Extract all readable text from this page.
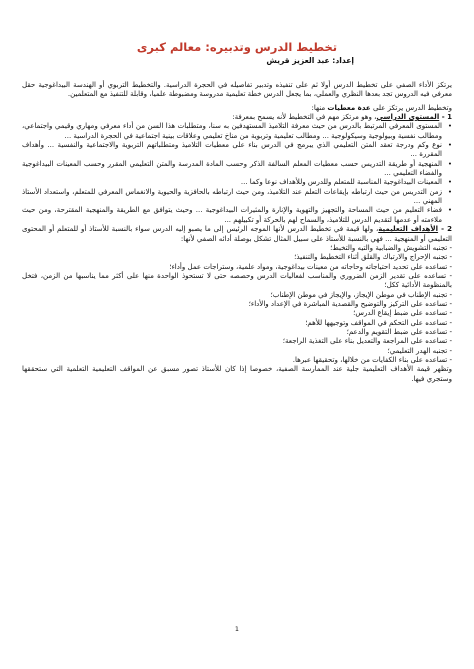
تخطيط الدرس وتدبيره: معالم كبرى
إعداد: عبد العزيز قريش

يرتكز الأداء الصفي على تخطيط الدرس أولا ثم على تنفيذه وتدبير تفاصيله في الحجرة الدراسية. والتخطيط التربوي أو الهندسة البيداغوجية حقل معرفي فيه الدروس تجد بعدها النظري والعملي، بما يجعل الدرس خطة تعليمية مدروسة ومضبوطة علميا، وقابلة للتنفيذ مع المتعلمين.

وتخطيط الدرس يرتكز على عدة معطيات منها:

1 - المستوى الدراسي، وهو مرتكز مهم في التخطيط لأنه يسمح بمعرفة:

• المستوى المعرفي المرتبط بالدرس من حيث معرفة التلاميذ المستهدفين به سنا، ومتطلبات هذا السن من أداء معرفي ومهاري وقيمي واجتماعي، ومطالب نفسية وبيولوجية وسيكولوجية ... ومطالب تعليمية وتربوية من مناخ تعليمي وعلاقات بينية اجتماعية في الحجرة الدراسية ...
• نوع وكم ودرجة تعقد المتن التعليمي الذي يبرمج في الدرس بناء على معطيات التلاميذ ومتطلباتهم التربوية والاجتماعية والنفسية ... وأهداف المقررة ...
• المنهجية أو طريقة التدريس حسب معطيات المعلم السالفة الذكر وحسب المادة المدرسة والمتن التعليمي المقرر وحسب المعينات البيداغوجية والفضاء التعليمي ...
• المعينات البيداغوجية المناسبة للمتعلم وللدرس وللأهداف نوعا وكما ...
• زمن التدريس من حيث ارتباطه بإيقاعات التعلم عند التلاميذ، ومن حيث ارتباطه بالحافزية والحيوية والانغماس المعرفي للمتعلم، واستعداد الأستاذ المهني ...
• فضاء التعليم من حيث المساحة والتجهيز والتهوية والإنارة والمثيرات البيداغوجية ... وحيث يتوافق مع الطريقة والمنهجية المقترحة، ومن حيث ملاءمته أو عدمها لتقديم الدرس للتلاميذ، والسماح لهم بالحركة أو تكبيلهم ...

2 - الأهداف التعليمية، ولها قيمة في تخطيط الدرس لأنها الموجه الرئيس إلى ما يصبو إليه الدرس سواء بالنسبة للأستاذ أو للمتعلم أو المحتوى التعليمي أو المنهجية ... فهي بالنسبة للأستاذ على سبيل المثال تشكل بوصلة أدائه الصفي لأنها:

- تجنبه التشويش والضبابية والتيه والتخبط؛
- تجنبه الإحراج والارتباك والقلق أثناء التخطيط والتنفيذ؛
- تساعده على تحديد احتياجاته وحاجاته من معينات بيداغوجية، ومواد علمية، وستراجات عمل وأداء؛
- تساعده على تقدير الزمن الضروري والمناسب لفعاليات الدرس وحصصه حتى لا تستحوذ الواحدة منها على أكثر مما يناسبها من الزمن، فتخل بالمنظومة الأدائية ككل؛
- تجنبه الإطناب في موطن الإيجاز، والإيجاز في موطن الإطناب؛
- تساعده على التركيز والتوضيح والقصدية المباشرة في الإعداد والأداء؛
- تساعده على ضبط إيقاع الدرس؛
- تساعده على التحكم في المواقف وتوجيهها للأهم؛
- تساعده على ضبط التقويم والدعم؛
- تساعده على المراجعة والتعديل بناء على التغذية الراجعة؛
- تجنبه الهدر التعليمي؛
- تساعده على بناء الكفايات من خلالها، وتحقيقها عبرها.

وتظهر قيمة الأهداف التعليمية جلية عند الممارسة الصفية، خصوصا إذا كان للأستاذ تصور مسبق عن المواقف التعليمية التعلمية التي ستحققها وستجري فيها.

1
